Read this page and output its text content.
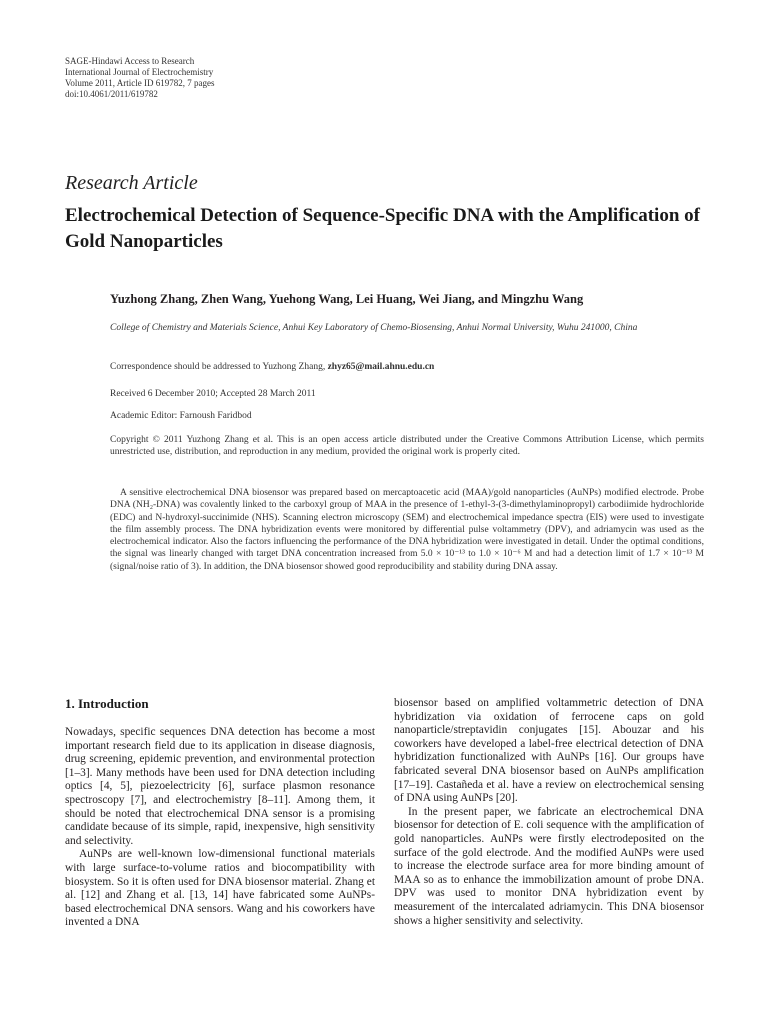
SAGE-Hindawi Access to Research
International Journal of Electrochemistry
Volume 2011, Article ID 619782, 7 pages
doi:10.4061/2011/619782
Research Article
Electrochemical Detection of Sequence-Specific DNA with the Amplification of Gold Nanoparticles
Yuzhong Zhang, Zhen Wang, Yuehong Wang, Lei Huang, Wei Jiang, and Mingzhu Wang
College of Chemistry and Materials Science, Anhui Key Laboratory of Chemo-Biosensing, Anhui Normal University, Wuhu 241000, China
Correspondence should be addressed to Yuzhong Zhang, zhyz65@mail.ahnu.edu.cn
Received 6 December 2010; Accepted 28 March 2011
Academic Editor: Farnoush Faridbod
Copyright © 2011 Yuzhong Zhang et al. This is an open access article distributed under the Creative Commons Attribution License, which permits unrestricted use, distribution, and reproduction in any medium, provided the original work is properly cited.
A sensitive electrochemical DNA biosensor was prepared based on mercaptoacetic acid (MAA)/gold nanoparticles (AuNPs) modified electrode. Probe DNA (NH₂-DNA) was covalently linked to the carboxyl group of MAA in the presence of 1-ethyl-3-(3-dimethylaminopropyl) carbodiimide hydrochloride (EDC) and N-hydroxyl-succinimide (NHS). Scanning electron microscopy (SEM) and electrochemical impedance spectra (EIS) were used to investigate the film assembly process. The DNA hybridization events were monitored by differential pulse voltammetry (DPV), and adriamycin was used as the electrochemical indicator. Also the factors influencing the performance of the DNA hybridization were investigated in detail. Under the optimal conditions, the signal was linearly changed with target DNA concentration increased from 5.0 × 10⁻¹³ to 1.0 × 10⁻⁶ M and had a detection limit of 1.7 × 10⁻¹³ M (signal/noise ratio of 3). In addition, the DNA biosensor showed good reproducibility and stability during DNA assay.
1. Introduction

Nowadays, specific sequences DNA detection has become a most important research field due to its application in disease diagnosis, drug screening, epidemic prevention, and environmental protection [1–3]. Many methods have been used for DNA detection including optics [4, 5], piezoelectricity [6], surface plasmon resonance spectroscopy [7], and electrochemistry [8–11]. Among them, it should be noted that electrochemical DNA sensor is a promising candidate because of its simple, rapid, inexpensive, high sensitivity and selectivity.

AuNPs are well-known low-dimensional functional materials with large surface-to-volume ratios and biocompatibility with biosystem. So it is often used for DNA biosensor material. Zhang et al. [12] and Zhang et al. [13, 14] have fabricated some AuNPs-based electrochemical DNA sensors. Wang and his coworkers have invented a DNA

biosensor based on amplified voltammetric detection of DNA hybridization via oxidation of ferrocene caps on gold nanoparticle/streptavidin conjugates [15]. Abouzar and his coworkers have developed a label-free electrical detection of DNA hybridization functionalized with AuNPs [16]. Our groups have fabricated several DNA biosensor based on AuNPs amplification [17–19]. Castañeda et al. have a review on electrochemical sensing of DNA using AuNPs [20].

In the present paper, we fabricate an electrochemical DNA biosensor for detection of E. coli sequence with the amplification of gold nanoparticles. AuNPs were firstly electrodeposited on the surface of the gold electrode. And the modified AuNPs were used to increase the electrode surface area for more binding amount of MAA so as to enhance the immobilization amount of probe DNA. DPV was used to monitor DNA hybridization event by measurement of the intercalated adriamycin. This DNA biosensor shows a higher sensitivity and selectivity.
